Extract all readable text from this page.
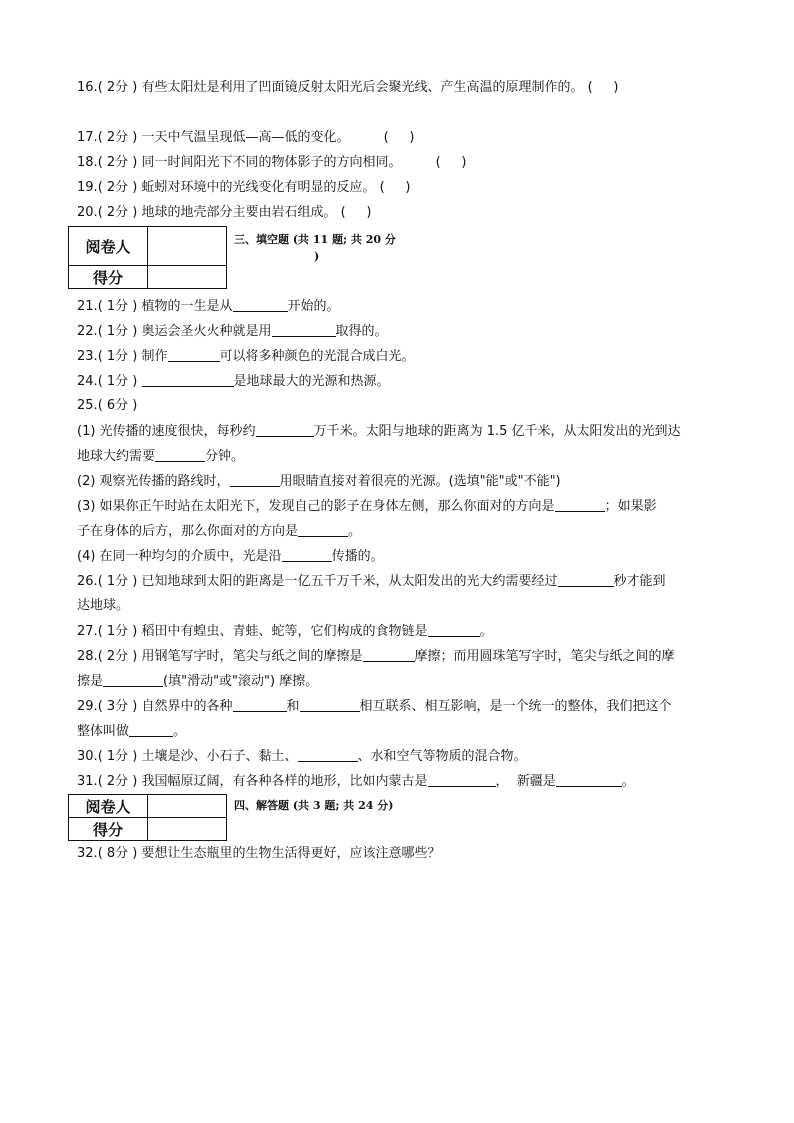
16.( 2分 ) 有些太阳灶是利用了凹面镜反射太阳光后会聚光线、产生高温的原理制作的。 (     )
17.( 2分 ) 一天中气温呈现低—高—低的变化。	(     )
18.( 2分 ) 同一时间阳光下不同的物体影子的方向相同。	(     )
19.( 2分 ) 蚯蚓对环境中的光线变化有明显的反应。 (     )
20.( 2分 ) 地球的地壳部分主要由岩石组成。 (     )
阅卷人	
得分	
三、填空题 (共 11 题; 共 20 分
)
21.( 1分 ) 植物的一生是从	开始的。
22.( 1分 ) 奥运会圣火火种就是用	取得的。
23.( 1分 ) 制作	可以将多种颜色的光混合成白光。
24.( 1分 )	是地球最大的光源和热源。
25.( 6分 )
(1) 光传播的速度很快，每秒约	万千米。太阳与地球的距离为 1.5 亿千米，从太阳发出的光到达
地球大约需要	分钟。
(2) 观察光传播的路线时，	用眼睛直接对着很亮的光源。(选填"能"或"不能")
(3) 如果你正午时站在太阳光下，发现自己的影子在身体左侧，那么你面对的方向是	；如果影
子在身体的后方，那么你面对的方向是	。
(4) 在同一种均匀的介质中，光是沿	传播的。
26.( 1分 ) 已知地球到太阳的距离是一亿五千万千米，从太阳发出的光大约需要经过	秒才能到
达地球。
27.( 1分 ) 稻田中有蝗虫、青蛙、蛇等，它们构成的食物链是	。
28.( 2分 ) 用钢笔写字时，笔尖与纸之间的摩擦是	摩擦；而用圆珠笔写字时，笔尖与纸之间的摩
擦是	(填"滑动"或"滚动") 摩擦。
29.( 3分 ) 自然界中的各种	和	相互联系、相互影响，是一个统一的整体，我们把这个
整体叫做	。
30.( 1分 ) 土壤是沙、小石子、黏土、	、水和空气等物质的混合物。
31.( 2分 ) 我国幅原辽阔，有各种各样的地形，比如内蒙古是	，  新疆是	。
阅卷人	
得分	
四、解答题 (共 3 题; 共 24 分)
32.( 8分 ) 要想让生态瓶里的生物生活得更好，应该注意哪些？
